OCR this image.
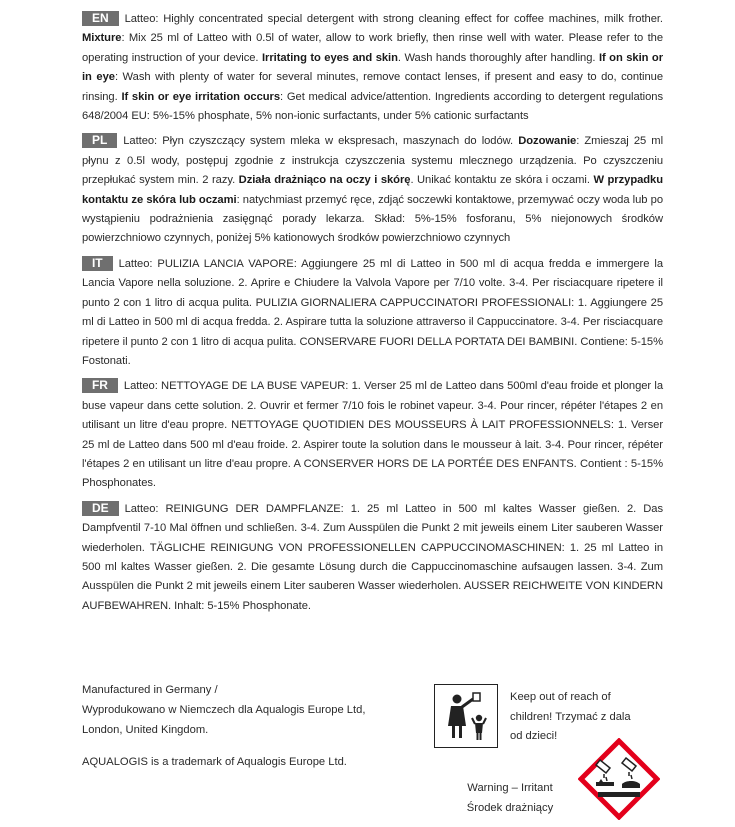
EN Latteo: Highly concentrated special detergent with strong cleaning effect for coffee machines, milk frother. Mixture: Mix 25 ml of Latteo with 0.5l of water, allow to work briefly, then rinse well with water. Please refer to the operating instruction of your device. Irritating to eyes and skin. Wash hands thoroughly after handling. If on skin or in eye: Wash with plenty of water for several minutes, remove contact lenses, if present and easy to do, continue rinsing. If skin or eye irritation occurs: Get medical advice/attention. Ingredients according to detergent regulations 648/2004 EU: 5%-15% phosphate, 5% non-ionic surfactants, under 5% cationic surfactants

PL Latteo: Płyn czyszczący system mleka w ekspresach, maszynach do lodów. Dozowanie: Zmieszaj 25 ml płynu z 0.5l wody, postępuj zgodnie z instrukcja czyszczenia systemu mlecznego urządzenia. Po czyszczeniu przepłukać system min. 2 razy. Działa drażniąco na oczy i skórę. Unikać kontaktu ze skóra i oczami. W przypadku kontaktu ze skóra lub oczami: natychmiast przemyć ręce, zdjąć soczewki kontaktowe, przemywać oczy woda lub po wystąpieniu podrażnienia zasięgnąć porady lekarza. Skład: 5%-15% fosforanu, 5% niejonowych środków powierzchniowo czynnych, poniżej 5% kationowych środków powierzchniowo czynnych

IT Latteo: PULIZIA LANCIA VAPORE: Aggiungere 25 ml di Latteo in 500 ml di acqua fredda e immergere la Lancia Vapore nella soluzione. 2. Aprire e Chiudere la Valvola Vapore per 7/10 volte. 3-4. Per risciacquare ripetere il punto 2 con 1 litro di acqua pulita. PULIZIA GIORNALIERA CAPPUCCINATORI PROFESSIONALI: 1. Aggiungere 25 ml di Latteo in 500 ml di acqua fredda. 2. Aspirare tutta la soluzione attraverso il Cappuccinatore. 3-4. Per risciacquare ripetere il punto 2 con 1 litro di acqua pulita. CONSERVARE FUORI DELLA PORTATA DEI BAMBINI. Contiene: 5-15% Fostonati.

FR Latteo: NETTOYAGE DE LA BUSE VAPEUR: 1. Verser 25 ml de Latteo dans 500ml d'eau froide et plonger la buse vapeur dans cette solution. 2. Ouvrir et fermer 7/10 fois le robinet vapeur. 3-4. Pour rincer, répéter l'étapes 2 en utilisant un litre d'eau propre. NETTOYAGE QUOTIDIEN DES MOUSSEURS À LAIT PROFESSIONNELS: 1. Verser 25 ml de Latteo dans 500 ml d'eau froide. 2. Aspirer toute la solution dans le mousseur à lait. 3-4. Pour rincer, répéter l'étapes 2 en utilisant un litre d'eau propre. A CONSERVER HORS DE LA PORTÉE DES ENFANTS. Contient : 5-15% Phosphonates.

DE Latteo: REINIGUNG DER DAMPFLANZE: 1. 25 ml Latteo in 500 ml kaltes Wasser gießen. 2. Das Dampfventil 7-10 Mal öffnen und schließen. 3-4. Zum Ausspülen die Punkt 2 mit jeweils einem Liter sauberen Wasser wiederholen. TÄGLICHE REINIGUNG VON PROFESSIONELLEN CAPPUCCINOMASCHINEN: 1. 25 ml Latteo in 500 ml kaltes Wasser gießen. 2. Die gesamte Lösung durch die Cappuccinomaschine aufsaugen lassen. 3-4. Zum Ausspülen die Punkt 2 mit jeweils einem Liter sauberen Wasser wiederholen. AUSSER REICHWEITE VON KINDERN AUFBEWAHREN. Inhalt: 5-15% Phosphonate.

Manufactured in Germany /
Wyprodukowano w Niemczech dla Aqualogis Europe Ltd,
London, United Kingdom.
AQUALOGIS is a trademark of Aqualogis Europe Ltd.
Keep out of reach of
children! Trzymać z dala
od dzieci!
Warning – Irritant
Środek drażniący
